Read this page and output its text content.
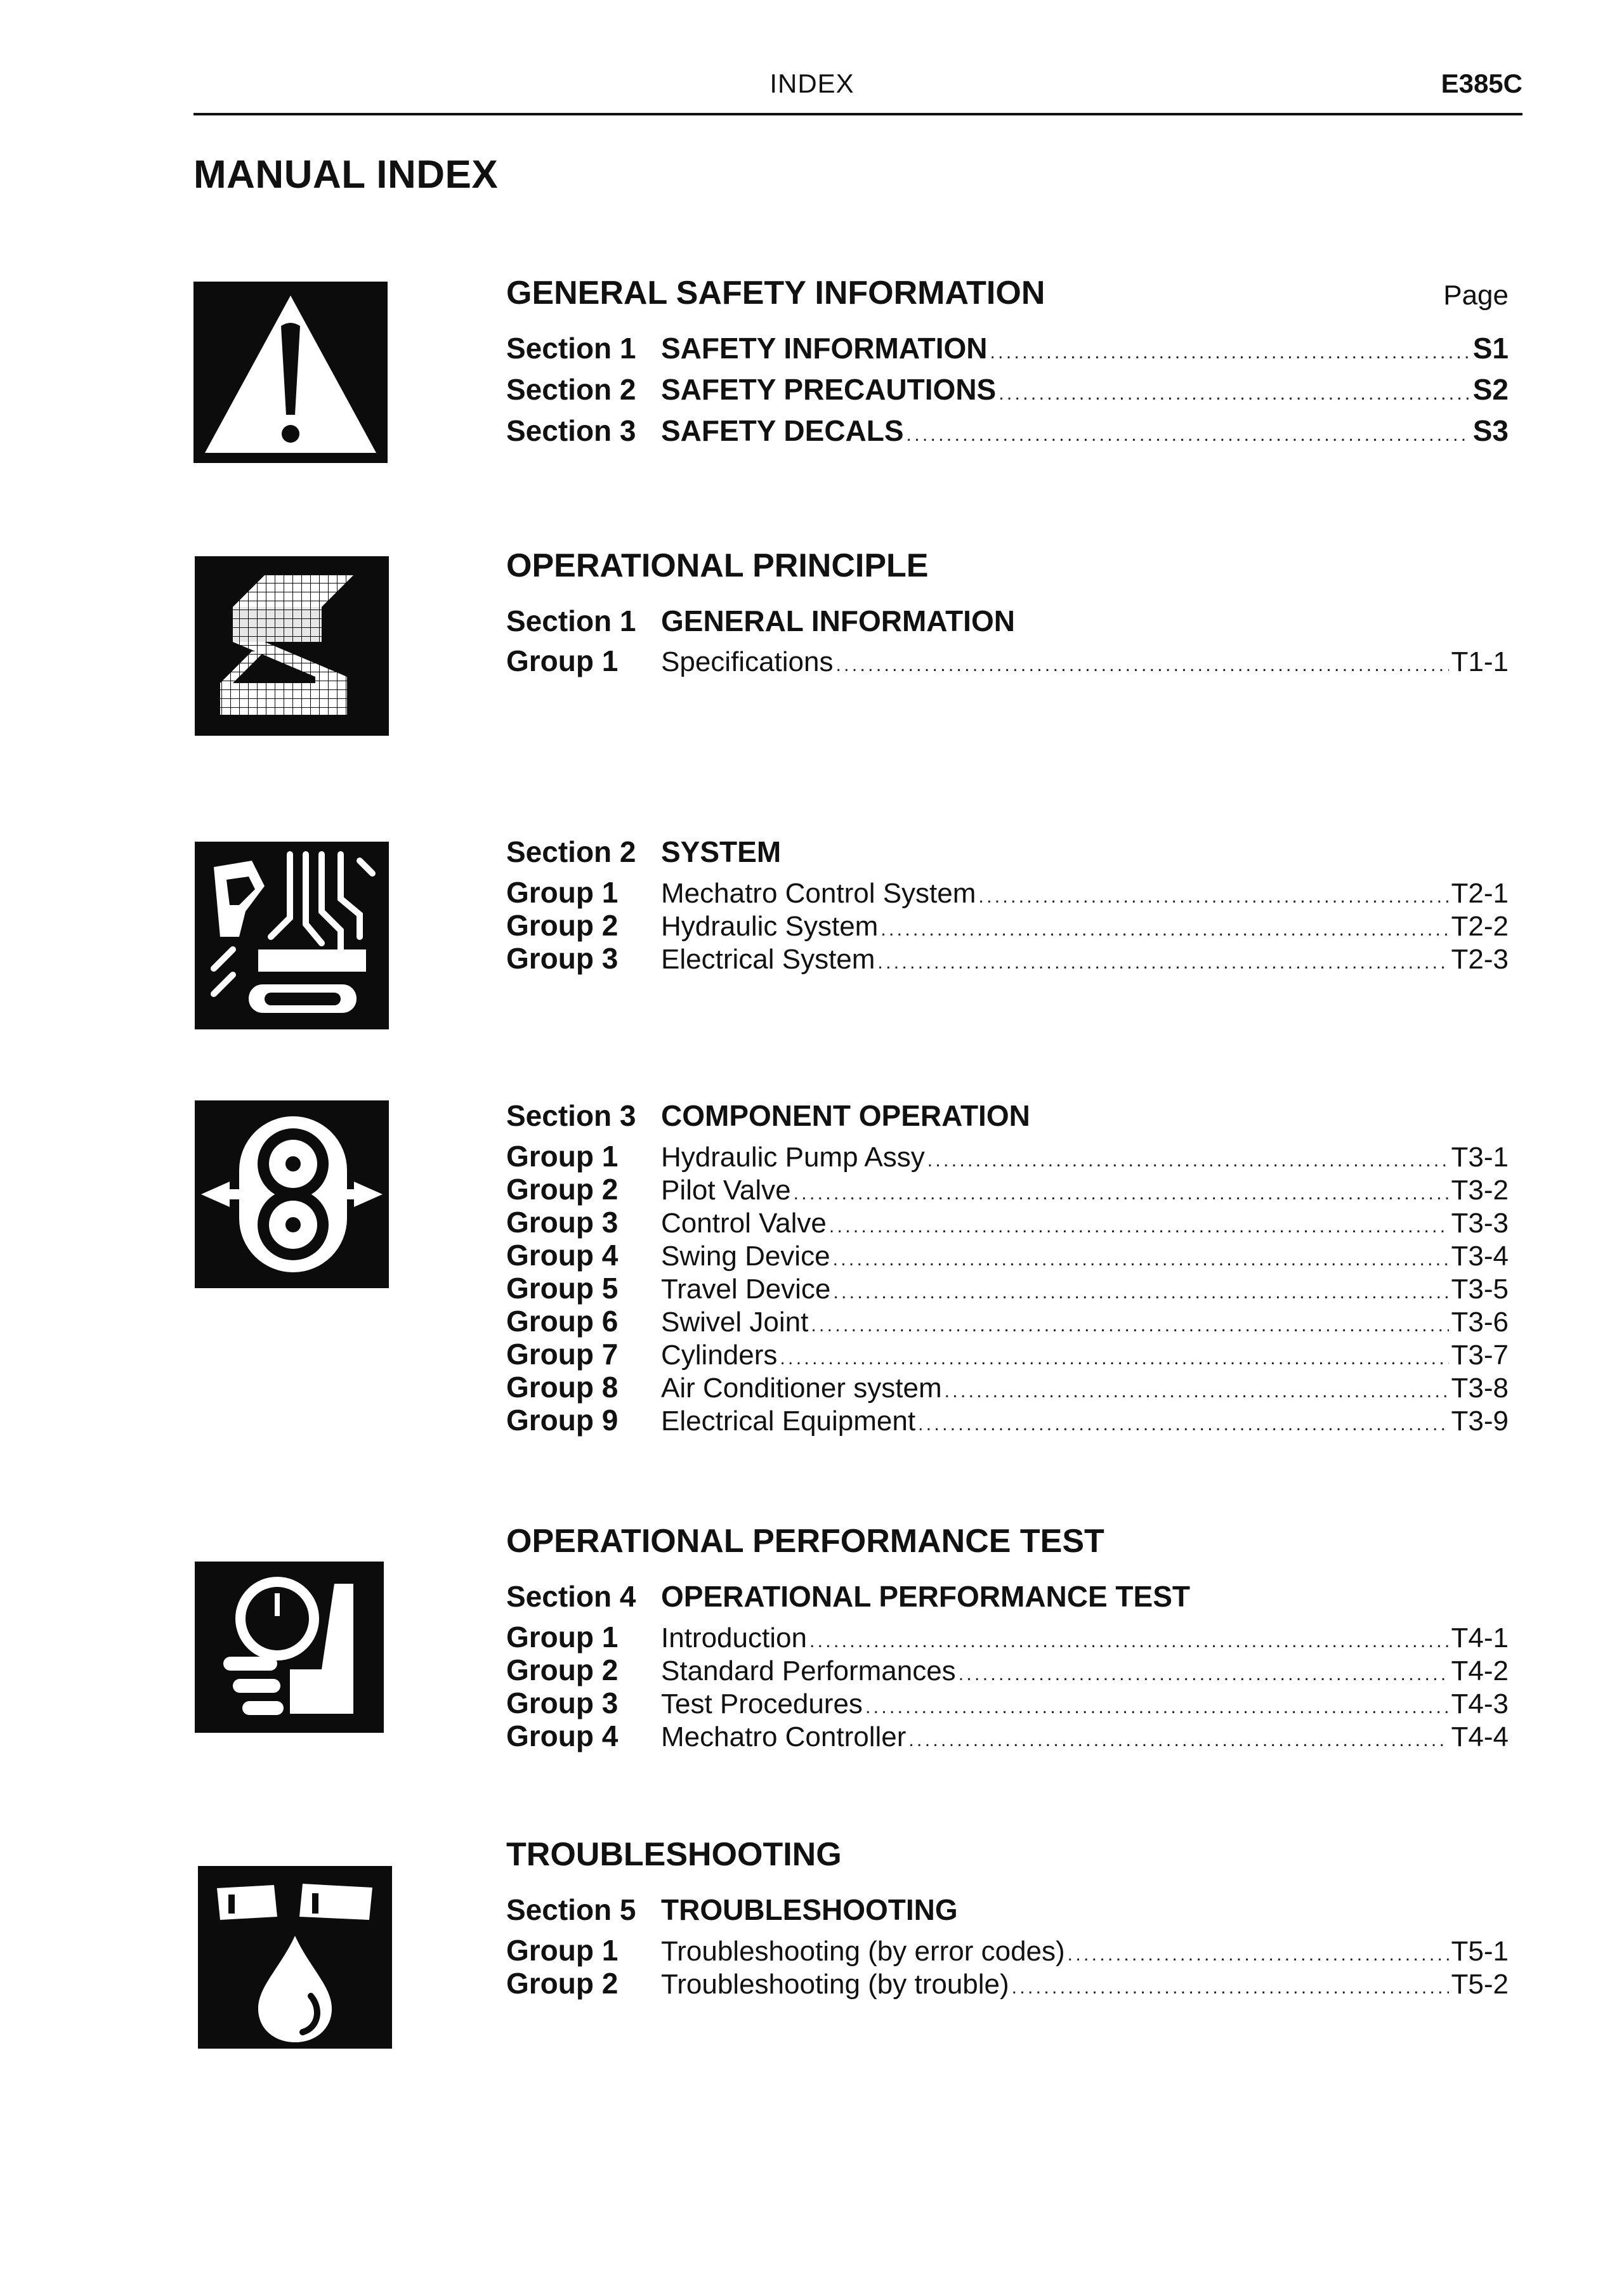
INDEX	E385C
MANUAL INDEX
GENERAL SAFETY INFORMATION	Page
Section 1 SAFETY INFORMATION . . .	S1
Section 2 SAFETY PRECAUTIONS . . .	S2
Section 3 SAFETY DECALS . . .	S3
OPERATIONAL PRINCIPLE
Section 1 GENERAL INFORMATION
Group 1	Specifications . . .	T1-1
Section 2 SYSTEM
Group 1	Mechatro Control System . . .	T2-1
Group 2	Hydraulic System . . .	T2-2
Group 3	Electrical System . . .	T2-3
Section 3 COMPONENT OPERATION
Group 1	Hydraulic Pump Assy . . .	T3-1
Group 2	Pilot Valve . . .	T3-2
Group 3	Control Valve . . .	T3-3
Group 4	Swing Device . . .	T3-4
Group 5	Travel Device . . .	T3-5
Group 6	Swivel Joint . . .	T3-6
Group 7	Cylinders . . .	T3-7
Group 8	Air Conditioner system . . .	T3-8
Group 9	Electrical Equipment . . .	T3-9
OPERATIONAL PERFORMANCE TEST
Section 4 OPERATIONAL PERFORMANCE TEST
Group 1	Introduction . . .	T4-1
Group 2	Standard Performances . . .	T4-2
Group 3	Test Procedures . . .	T4-3
Group 4	Mechatro Controller . . .	T4-4
TROUBLESHOOTING
Section 5 TROUBLESHOOTING
Group 1	Troubleshooting (by error codes) . . .	T5-1
Group 2	Troubleshooting (by trouble) . . .	T5-2
